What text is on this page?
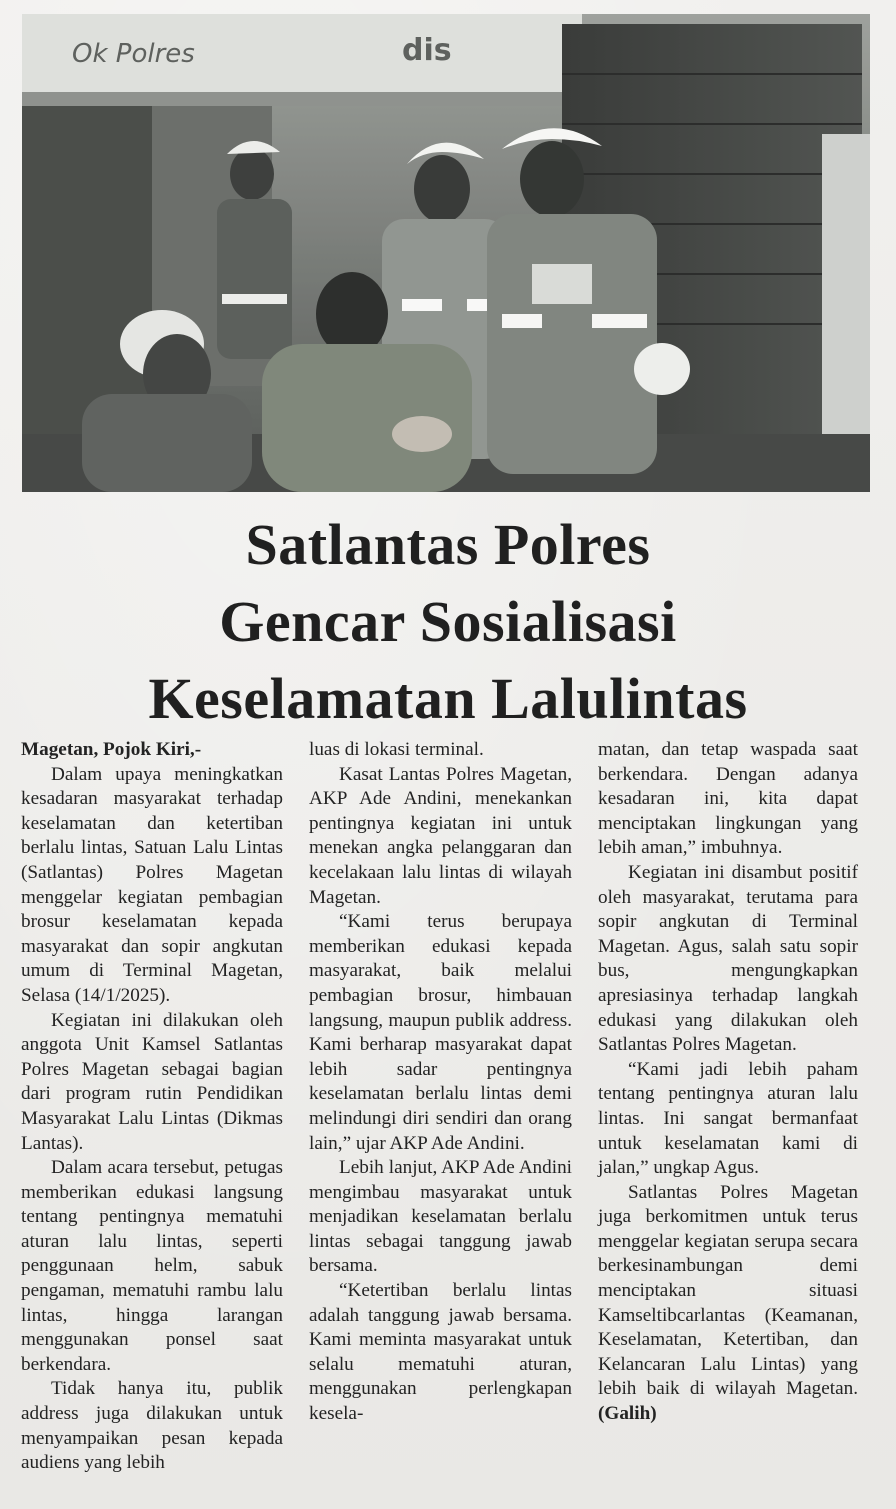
Ok Polres	dis
Satlantas Polres
Gencar Sosialisasi
Keselamatan Lalulintas

Magetan, Pojok Kiri,-

Dalam upaya meningkatkan kesadaran masyarakat terhadap keselamatan dan ketertiban berlalu lintas, Satuan Lalu Lintas (Satlantas) Polres Magetan menggelar kegiatan pembagian brosur keselamatan kepada masyarakat dan sopir angkutan umum di Terminal Magetan, Selasa (14/1/2025).

Kegiatan ini dilakukan oleh anggota Unit Kamsel Satlantas Polres Magetan sebagai bagian dari program rutin Pendidikan Masyarakat Lalu Lintas (Dikmas Lantas).

Dalam acara tersebut, petugas memberikan edukasi langsung tentang pentingnya mematuhi aturan lalu lintas, seperti penggunaan helm, sabuk pengaman, mematuhi rambu lalu lintas, hingga larangan menggunakan ponsel saat berkendara.

Tidak hanya itu, publik address juga dilakukan untuk menyampaikan pesan kepada audiens yang lebih

luas di lokasi terminal.

Kasat Lantas Polres Magetan, AKP Ade Andini, menekankan pentingnya kegiatan ini untuk menekan angka pelanggaran dan kecelakaan lalu lintas di wilayah Magetan.

“Kami terus berupaya memberikan edukasi kepada masyarakat, baik melalui pembagian brosur, himbauan langsung, maupun publik address. Kami berharap masyarakat dapat lebih sadar pentingnya keselamatan berlalu lintas demi melindungi diri sendiri dan orang lain,” ujar AKP Ade Andini.

Lebih lanjut, AKP Ade Andini mengimbau masyarakat untuk menjadikan keselamatan berlalu lintas sebagai tanggung jawab bersama.

“Ketertiban berlalu lintas adalah tanggung jawab bersama. Kami meminta masyarakat untuk selalu mematuhi aturan, menggunakan perlengkapan kesela-

matan, dan tetap waspada saat berkendara. Dengan adanya kesadaran ini, kita dapat menciptakan lingkungan yang lebih aman,” imbuhnya.

Kegiatan ini disambut positif oleh masyarakat, terutama para sopir angkutan di Terminal Magetan. Agus, salah satu sopir bus, mengungkapkan apresiasinya terhadap langkah edukasi yang dilakukan oleh Satlantas Polres Magetan.

“Kami jadi lebih paham tentang pentingnya aturan lalu lintas. Ini sangat bermanfaat untuk keselamatan kami di jalan,” ungkap Agus.

Satlantas Polres Magetan juga berkomitmen untuk terus menggelar kegiatan serupa secara berkesinambungan demi menciptakan situasi Kamseltibcarlantas (Keamanan, Keselamatan, Ketertiban, dan Kelancaran Lalu Lintas) yang lebih baik di wilayah Magetan. (Galih)
